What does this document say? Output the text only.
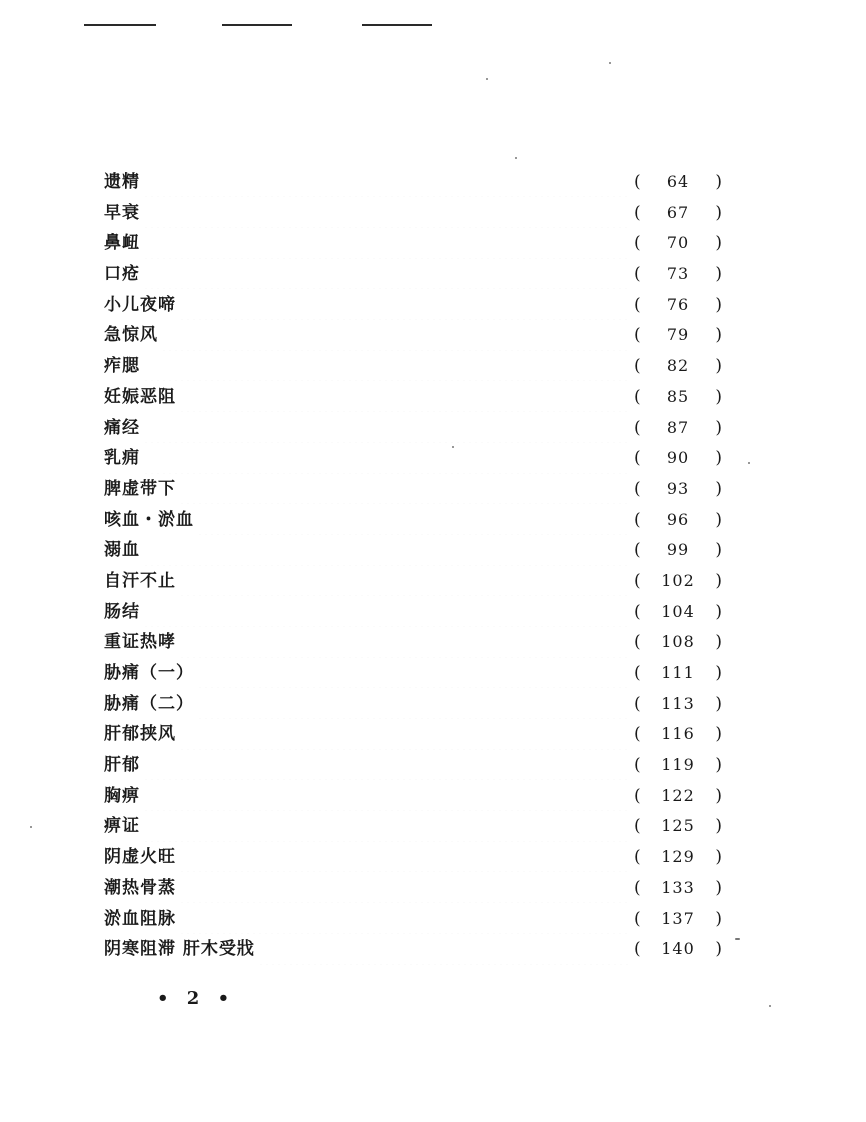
遗精	(	64	)
早衰	(	67	)
鼻衄	(	70	)
口疮	(	73	)
小儿夜啼	(	76	)
急惊风	(	79	)
痄腮	(	82	)
妊娠恶阻	(	85	)
痛经	(	87	)
乳痈	(	90	)
脾虚带下	(	93	)
咳血・淤血	(	96	)
溺血	(	99	)
自汗不止	(	102	)
肠结	(	104	)
重证热哮	(	108	)
胁痛（一）	(	111	)
胁痛（二）	(	113	)
肝郁挟风	(	116	)
肝郁	(	119	)
胸痹	(	122	)
痹证	(	125	)
阴虚火旺	(	129	)
潮热骨蒸	(	133	)
淤血阻脉	(	137	)
阴寒阻滞 肝木受戕	(	140	)
• 2 •
